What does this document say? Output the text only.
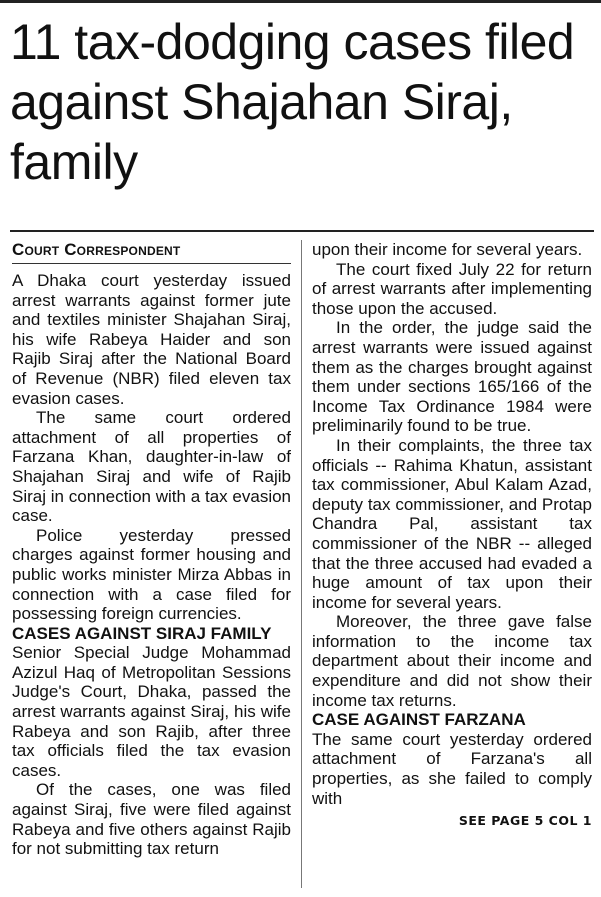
11 tax-dodging cases filed against Shajahan Siraj, family
Court Correspondent

A Dhaka court yesterday issued arrest warrants against former jute and textiles minister Shajahan Siraj, his wife Rabeya Haider and son Rajib Siraj after the National Board of Revenue (NBR) filed eleven tax evasion cases.

The same court ordered attachment of all properties of Farzana Khan, daughter-in-law of Shajahan Siraj and wife of Rajib Siraj in connection with a tax evasion case.

Police yesterday pressed charges against former housing and public works minister Mirza Abbas in connection with a case filed for possessing foreign currencies.

CASES AGAINST SIRAJ FAMILY

Senior Special Judge Mohammad Azizul Haq of Metropolitan Sessions Judge's Court, Dhaka, passed the arrest warrants against Siraj, his wife Rabeya and son Rajib, after three tax officials filed the tax evasion cases.

Of the cases, one was filed against Siraj, five were filed against Rabeya and five others against Rajib for not submitting tax return

upon their income for several years.

The court fixed July 22 for return of arrest warrants after implementing those upon the accused.

In the order, the judge said the arrest warrants were issued against them as the charges brought against them under sections 165/166 of the Income Tax Ordinance 1984 were preliminarily found to be true.

In their complaints, the three tax officials -- Rahima Khatun, assistant tax commissioner, Abul Kalam Azad, deputy tax commissioner, and Protap Chandra Pal, assistant tax commissioner of the NBR -- alleged that the three accused had evaded a huge amount of tax upon their income for several years.

Moreover, the three gave false information to the income tax department about their income and expenditure and did not show their income tax returns.

CASE AGAINST FARZANA

The same court yesterday ordered attachment of Farzana's all properties, as she failed to comply with

SEE PAGE 5 COL 1
